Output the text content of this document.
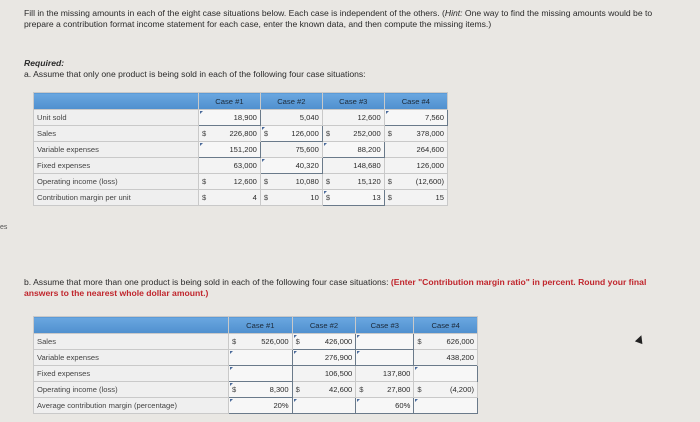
Fill in the missing amounts in each of the eight case situations below. Each case is independent of the others. (Hint: One way to find the missing amounts would be to prepare a contribution format income statement for each case, enter the known data, and then compute the missing items.)
Required:
a. Assume that only one product is being sold in each of the following four case situations:
es
	Case #1	Case #2	Case #3	Case #4
Unit sold	18,900	5,040	12,600	7,560
Sales	$ 226,800	$ 126,000	$ 252,000	$ 378,000
Variable expenses	151,200	75,600	88,200	264,600
Fixed expenses	63,000	40,320	148,680	126,000
Operating income (loss)	$ 12,600	$ 10,080	$ 15,120	$ (12,600)
Contribution margin per unit	$ 4	$ 10	$ 13	$ 15
b. Assume that more than one product is being sold in each of the following four case situations: (Enter "Contribution margin ratio" in percent. Round your final answers to the nearest whole dollar amount.)
	Case #1	Case #2	Case #3	Case #4
Sales	$ 526,000	$ 426,000		$ 626,000
Variable expenses		276,900		438,200
Fixed expenses		106,500	137,800	

Operating income (loss)	$ 8,300	$ 42,600	$ 27,800	$ (4,200)
Average contribution margin (percentage)	20%		60%	
